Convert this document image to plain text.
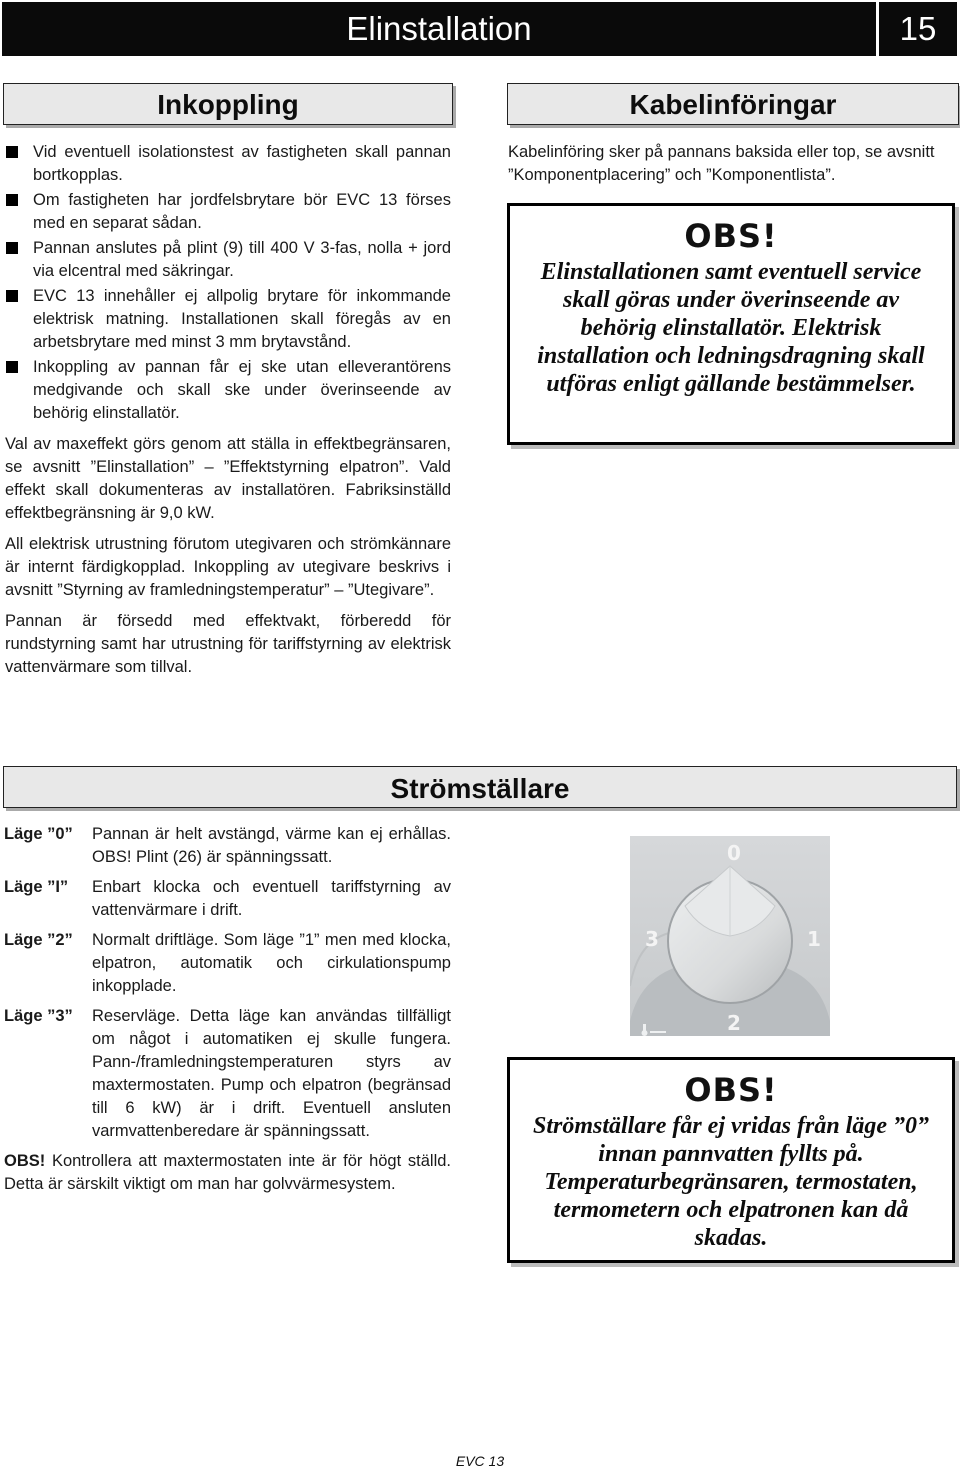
Elinstallation	15
Inkoppling
Vid eventuell isolationstest av fastigheten skall pannan bortkopplas.
Om fastigheten har jordfelsbrytare bör EVC 13 förses med en separat sådan.
Pannan anslutes på plint (9) till 400 V 3-fas, nolla + jord via elcentral med säkringar.
EVC 13 innehåller ej allpolig brytare för inkommande elektrisk matning. Installationen skall föregås av en arbetsbrytare med minst 3 mm brytavstånd.
Inkoppling av pannan får ej ske utan elleverantörens medgivande och skall ske under överinseende av behörig elinstallatör.

Val av maxeffekt görs genom att ställa in effektbegränsaren, se avsnitt ”Elinstallation” – ”Effektstyrning elpatron”. Vald effekt skall dokumenteras av installatören. Fabriksinställd effektbegränsning är 9,0 kW.

All elektrisk utrustning förutom utegivaren och strömkännare är internt färdigkopplad. Inkoppling av utegivare beskrivs i avsnitt ”Styrning av framledningstemperatur” – ”Utegivare”.

Pannan är försedd med effektvakt, förberedd för rundstyrning samt har utrustning för tariffstyrning av elektrisk vattenvärmare som tillval.

Kabelinföringar
Kabelinföring sker på pannans baksida eller top, se avsnitt ”Komponentplacering” och ”Komponentlista”.
OBS!
Elinstallationen samt eventuell service skall göras under överinseende av behörig elinstallatör. Elektrisk installation och ledningsdragning skall utföras enligt gällande bestämmelser.
Strömställare
Läge ”0”	Pannan är helt avstängd, värme kan ej erhållas. OBS! Plint (26) är spänningssatt.
Läge ”I”	Enbart klocka och eventuell tariffstyrning av vattenvärmare i drift.
Läge ”2”	Normalt driftläge. Som läge ”1” men med klocka, elpatron, automatik och cirkulationspump inkopplade.
Läge ”3”	Reservläge. Detta läge kan användas tillfälligt om något i automatiken ej skulle fungera. Pann-/framledningstemperaturen styrs av maxtermostaten. Pump och elpatron (begränsad till 6 kW) är i drift. Eventuell ansluten varmvattenberedare är spänningssatt.

OBS! Kontrollera att maxtermostaten inte är för högt ställd. Detta är särskilt viktigt om man har golvvärmesystem.

0
1
2
3
OBS!
Strömställare får ej vridas från läge ”0” innan pannvatten fyllts på. Temperaturbegränsaren, termostaten, termometern och elpatronen kan då skadas.
EVC 13
